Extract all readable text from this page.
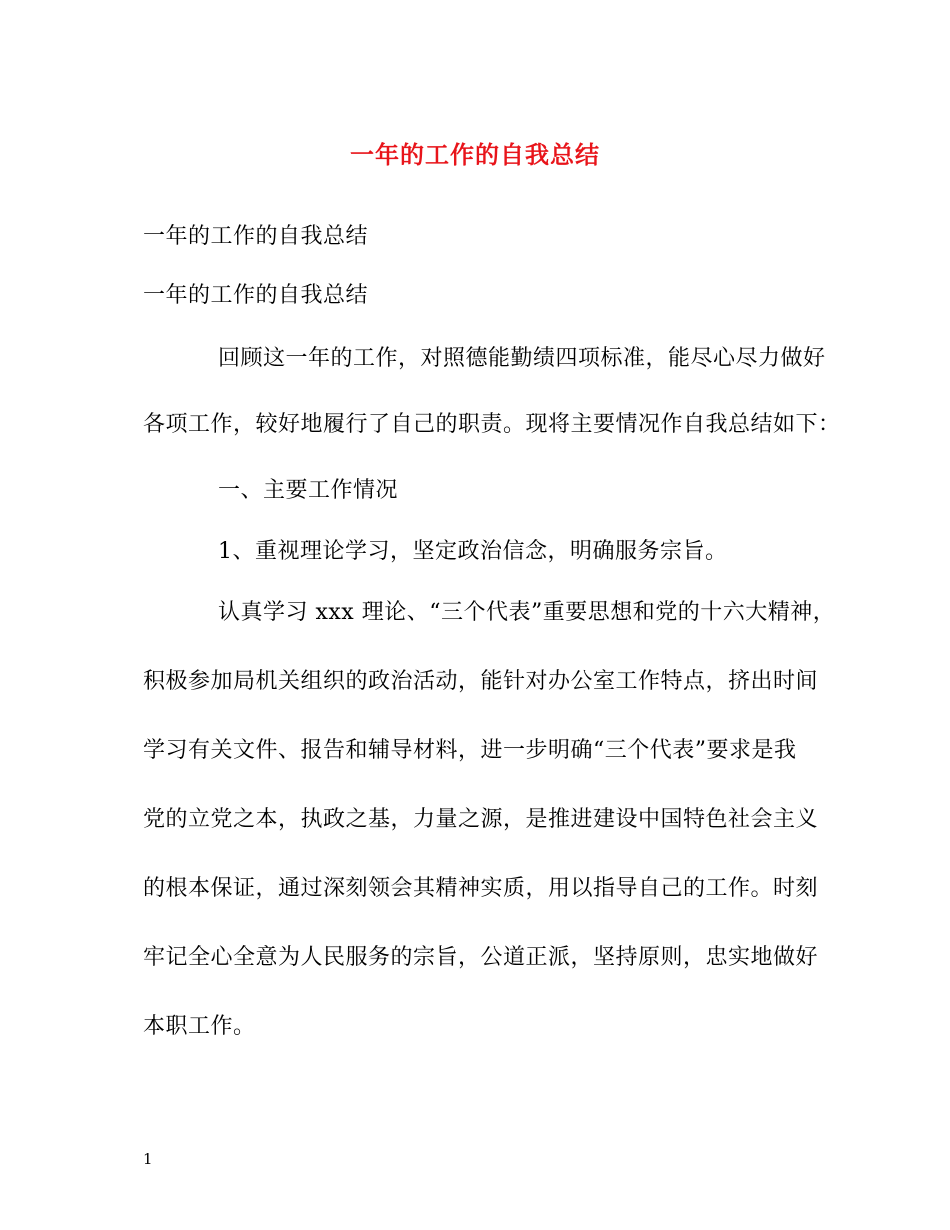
一年的工作的自我总结
一年的工作的自我总结
一年的工作的自我总结
回顾这一年的工作，对照德能勤绩四项标准，能尽心尽力做好
各项工作，较好地履行了自己的职责。现将主要情况作自我总结如下：
一、主要工作情况
1、重视理论学习，坚定政治信念，明确服务宗旨。
认真学习 xxx 理论、“三个代表”重要思想和党的十六大精神，
积极参加局机关组织的政治活动，能针对办公室工作特点，挤出时间
学习有关文件、报告和辅导材料，进一步明确“三个代表”要求是我
党的立党之本，执政之基，力量之源，是推进建设中国特色社会主义
的根本保证，通过深刻领会其精神实质，用以指导自己的工作。时刻
牢记全心全意为人民服务的宗旨，公道正派，坚持原则，忠实地做好
本职工作。
1
